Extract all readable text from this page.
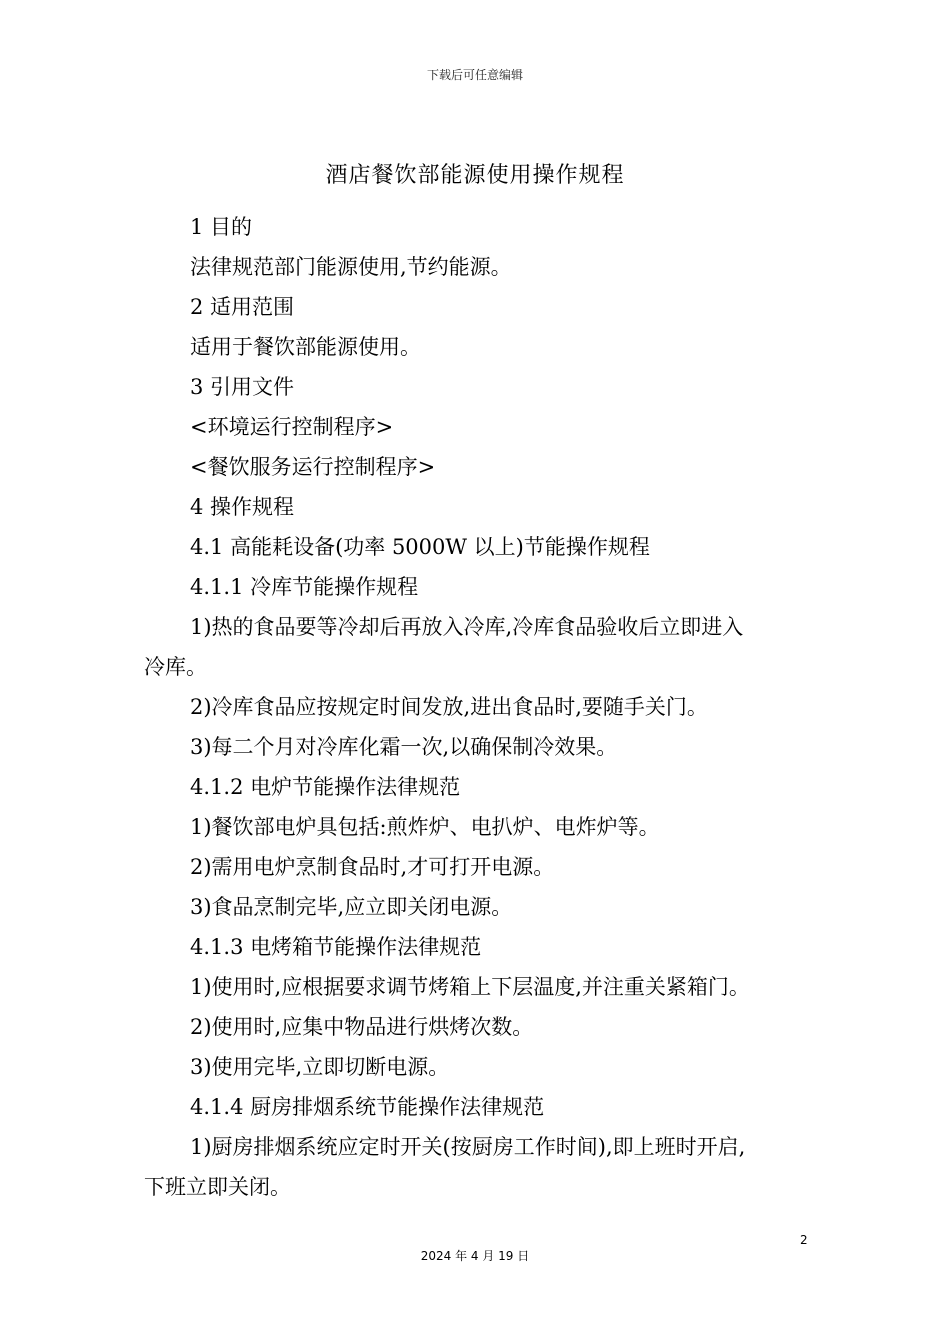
下载后可任意编辑
酒店餐饮部能源使用操作规程
1 目的
法律规范部门能源使用,节约能源。
2 适用范围
适用于餐饮部能源使用。
3 引用文件
<环境运行控制程序>
<餐饮服务运行控制程序>
4 操作规程
4.1 高能耗设备(功率 5000W 以上)节能操作规程
4.1.1 冷库节能操作规程
1)热的食品要等冷却后再放入冷库,冷库食品验收后立即进入
冷库。
2)冷库食品应按规定时间发放,进出食品时,要随手关门。
3)每二个月对冷库化霜一次,以确保制冷效果。
4.1.2 电炉节能操作法律规范
1)餐饮部电炉具包括:煎炸炉、电扒炉、电炸炉等。
2)需用电炉烹制食品时,才可打开电源。
3)食品烹制完毕,应立即关闭电源。
4.1.3 电烤箱节能操作法律规范
1)使用时,应根据要求调节烤箱上下层温度,并注重关紧箱门。
2)使用时,应集中物品进行烘烤次数。
3)使用完毕,立即切断电源。
4.1.4 厨房排烟系统节能操作法律规范
1)厨房排烟系统应定时开关(按厨房工作时间),即上班时开启,
下班立即关闭。
2
2024 年 4 月 19 日
